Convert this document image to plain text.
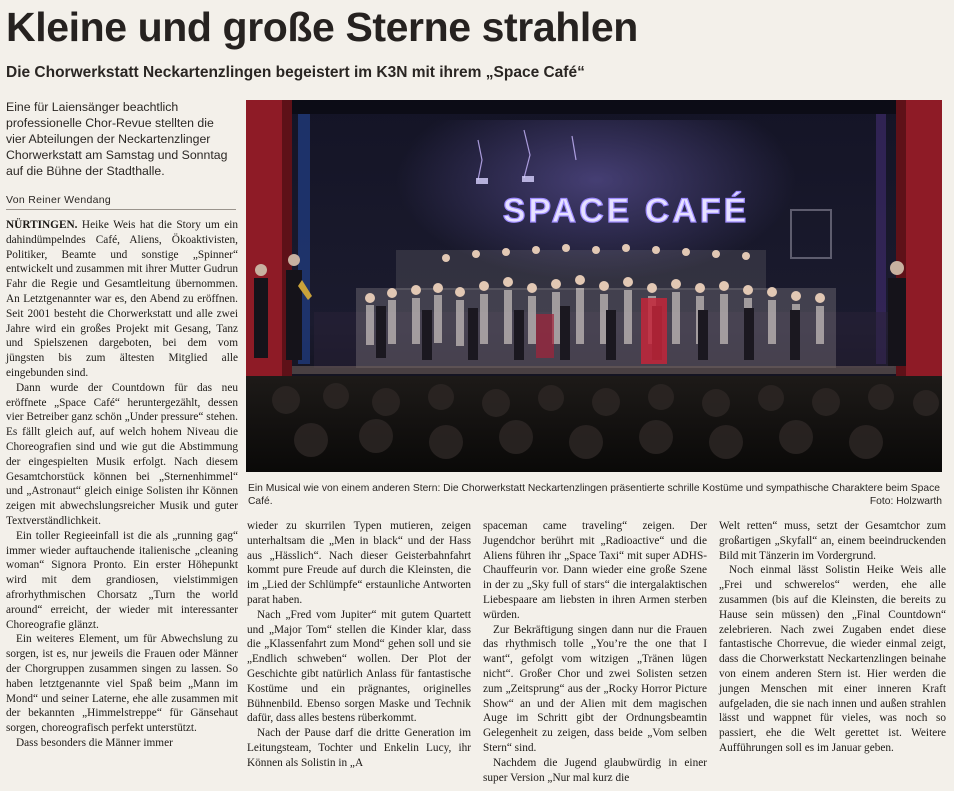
Kleine und große Sterne strahlen
Die Chorwerkstatt Neckartenzlingen begeistert im K3N mit ihrem „Space Café“
Eine für Laiensänger beachtlich professionelle Chor-Revue stellten die vier Abteilungen der Neckartenzlinger Chorwerkstatt am Samstag und Sonntag auf die Bühne der Stadthalle.
Von Reiner Wendang	SPACE CAFÉ
Ein Musical wie von einem anderen Stern: Die Chorwerkstatt Neckartenzlingen präsentierte schrille Kostüme und sympathische Charaktere beim Space Café.	Foto: Holzwarth

NÜRTINGEN. Heike Weis hat die Story um ein dahindümpelndes Café, Aliens, Ökoaktivisten, Politiker, Beamte und sonstige „Spinner“ entwickelt und zusammen mit ihrer Mutter Gudrun Fahr die Regie und Gesamtleitung übernommen. An Letztgenannter war es, den Abend zu eröffnen. Seit 2001 besteht die Chorwerkstatt und alle zwei Jahre wird ein großes Projekt mit Gesang, Tanz und Spielszenen dargeboten, bei dem vom jüngsten bis zum ältesten Mitglied alle eingebunden sind.

Dann wurde der Countdown für das neu eröffnete „Space Café“ heruntergezählt, dessen vier Betreiber ganz schön „Under pressure“ stehen. Es fällt gleich auf, auf welch hohem Niveau die Choreografien sind und wie gut die Abstimmung der eingespielten Musik erfolgt. Nach diesem Gesamtchorstück können bei „Sternenhimmel“ und „Astronaut“ gleich einige Solisten ihr Können zeigen mit abwechslungsreicher Musik und guter Textverständlichkeit.

Ein toller Regieeinfall ist die als „running gag“ immer wieder auftauchende italienische „cleaning woman“ Signora Pronto. Ein erster Höhepunkt wird mit dem grandiosen, vielstimmigen afrorhythmischen Chorsatz „Turn the world around“ erreicht, der wieder mit interessanter Choreografie glänzt.

Ein weiteres Element, um für Abwechslung zu sorgen, ist es, nur jeweils die Frauen oder Männer der Chorgruppen zusammen singen zu lassen. So haben letztgenannte viel Spaß beim „Mann im Mond“ und seiner Laterne, ehe alle zusammen mit der bekannten „Himmelstreppe“ für Gänsehaut sorgen, choreografisch perfekt unterstützt.

Dass besonders die Männer immer

wieder zu skurrilen Typen mutieren, zeigen unterhaltsam die „Men in black“ und der Hass aus „Hässlich“. Nach dieser Geisterbahnfahrt kommt pure Freude auf durch die Kleinsten, die im „Lied der Schlümpfe“ erstaunliche Antworten parat haben.

Nach „Fred vom Jupiter“ mit gutem Quartett und „Major Tom“ stellen die Kinder klar, dass die „Klassenfahrt zum Mond“ gehen soll und sie „Endlich schweben“ wollen. Der Plot der Geschichte gibt natürlich Anlass für fantastische Kostüme und ein prägnantes, originelles Bühnenbild. Ebenso sorgen Maske und Technik dafür, dass alles bestens rüberkommt.

Nach der Pause darf die dritte Generation im Leitungsteam, Tochter und Enkelin Lucy, ihr Können als Solistin in „A

spaceman came traveling“ zeigen. Der Jugendchor berührt mit „Radioactive“ und die Aliens führen ihr „Space Taxi“ mit super ADHS-Chauffeurin vor. Dann wieder eine große Szene in der zu „Sky full of stars“ die intergalaktischen Liebespaare am liebsten in ihren Armen sterben würden.

Zur Bekräftigung singen dann nur die Frauen das rhythmisch tolle „You’re the one that I want“, gefolgt vom witzigen „Tränen lügen nicht“. Großer Chor und zwei Solisten setzen zum „Zeitsprung“ aus der „Rocky Horror Picture Show“ an und der Alien mit dem magischen Auge im Schritt gibt der Ordnungsbeamtin Gelegenheit zu zeigen, dass beide „Vom selben Stern“ sind.

Nachdem die Jugend glaubwürdig in einer super Version „Nur mal kurz die

Welt retten“ muss, setzt der Gesamtchor zum großartigen „Skyfall“ an, einem beeindruckenden Bild mit Tänzerin im Vordergrund.

Noch einmal lässt Solistin Heike Weis alle „Frei und schwerelos“ werden, ehe alle zusammen (bis auf die Kleinsten, die bereits zu Hause sein müssen) den „Final Countdown“ zelebrieren. Nach zwei Zugaben endet diese fantastische Chorrevue, die wieder einmal zeigt, dass die Chorwerkstatt Neckartenzlingen beinahe von einem anderen Stern ist. Hier werden die jungen Menschen mit einer inneren Kraft aufgeladen, die sie nach innen und außen strahlen lässt und wappnet für vieles, was noch so passiert, ehe die Welt gerettet ist. Weitere Aufführungen soll es im Januar geben.
